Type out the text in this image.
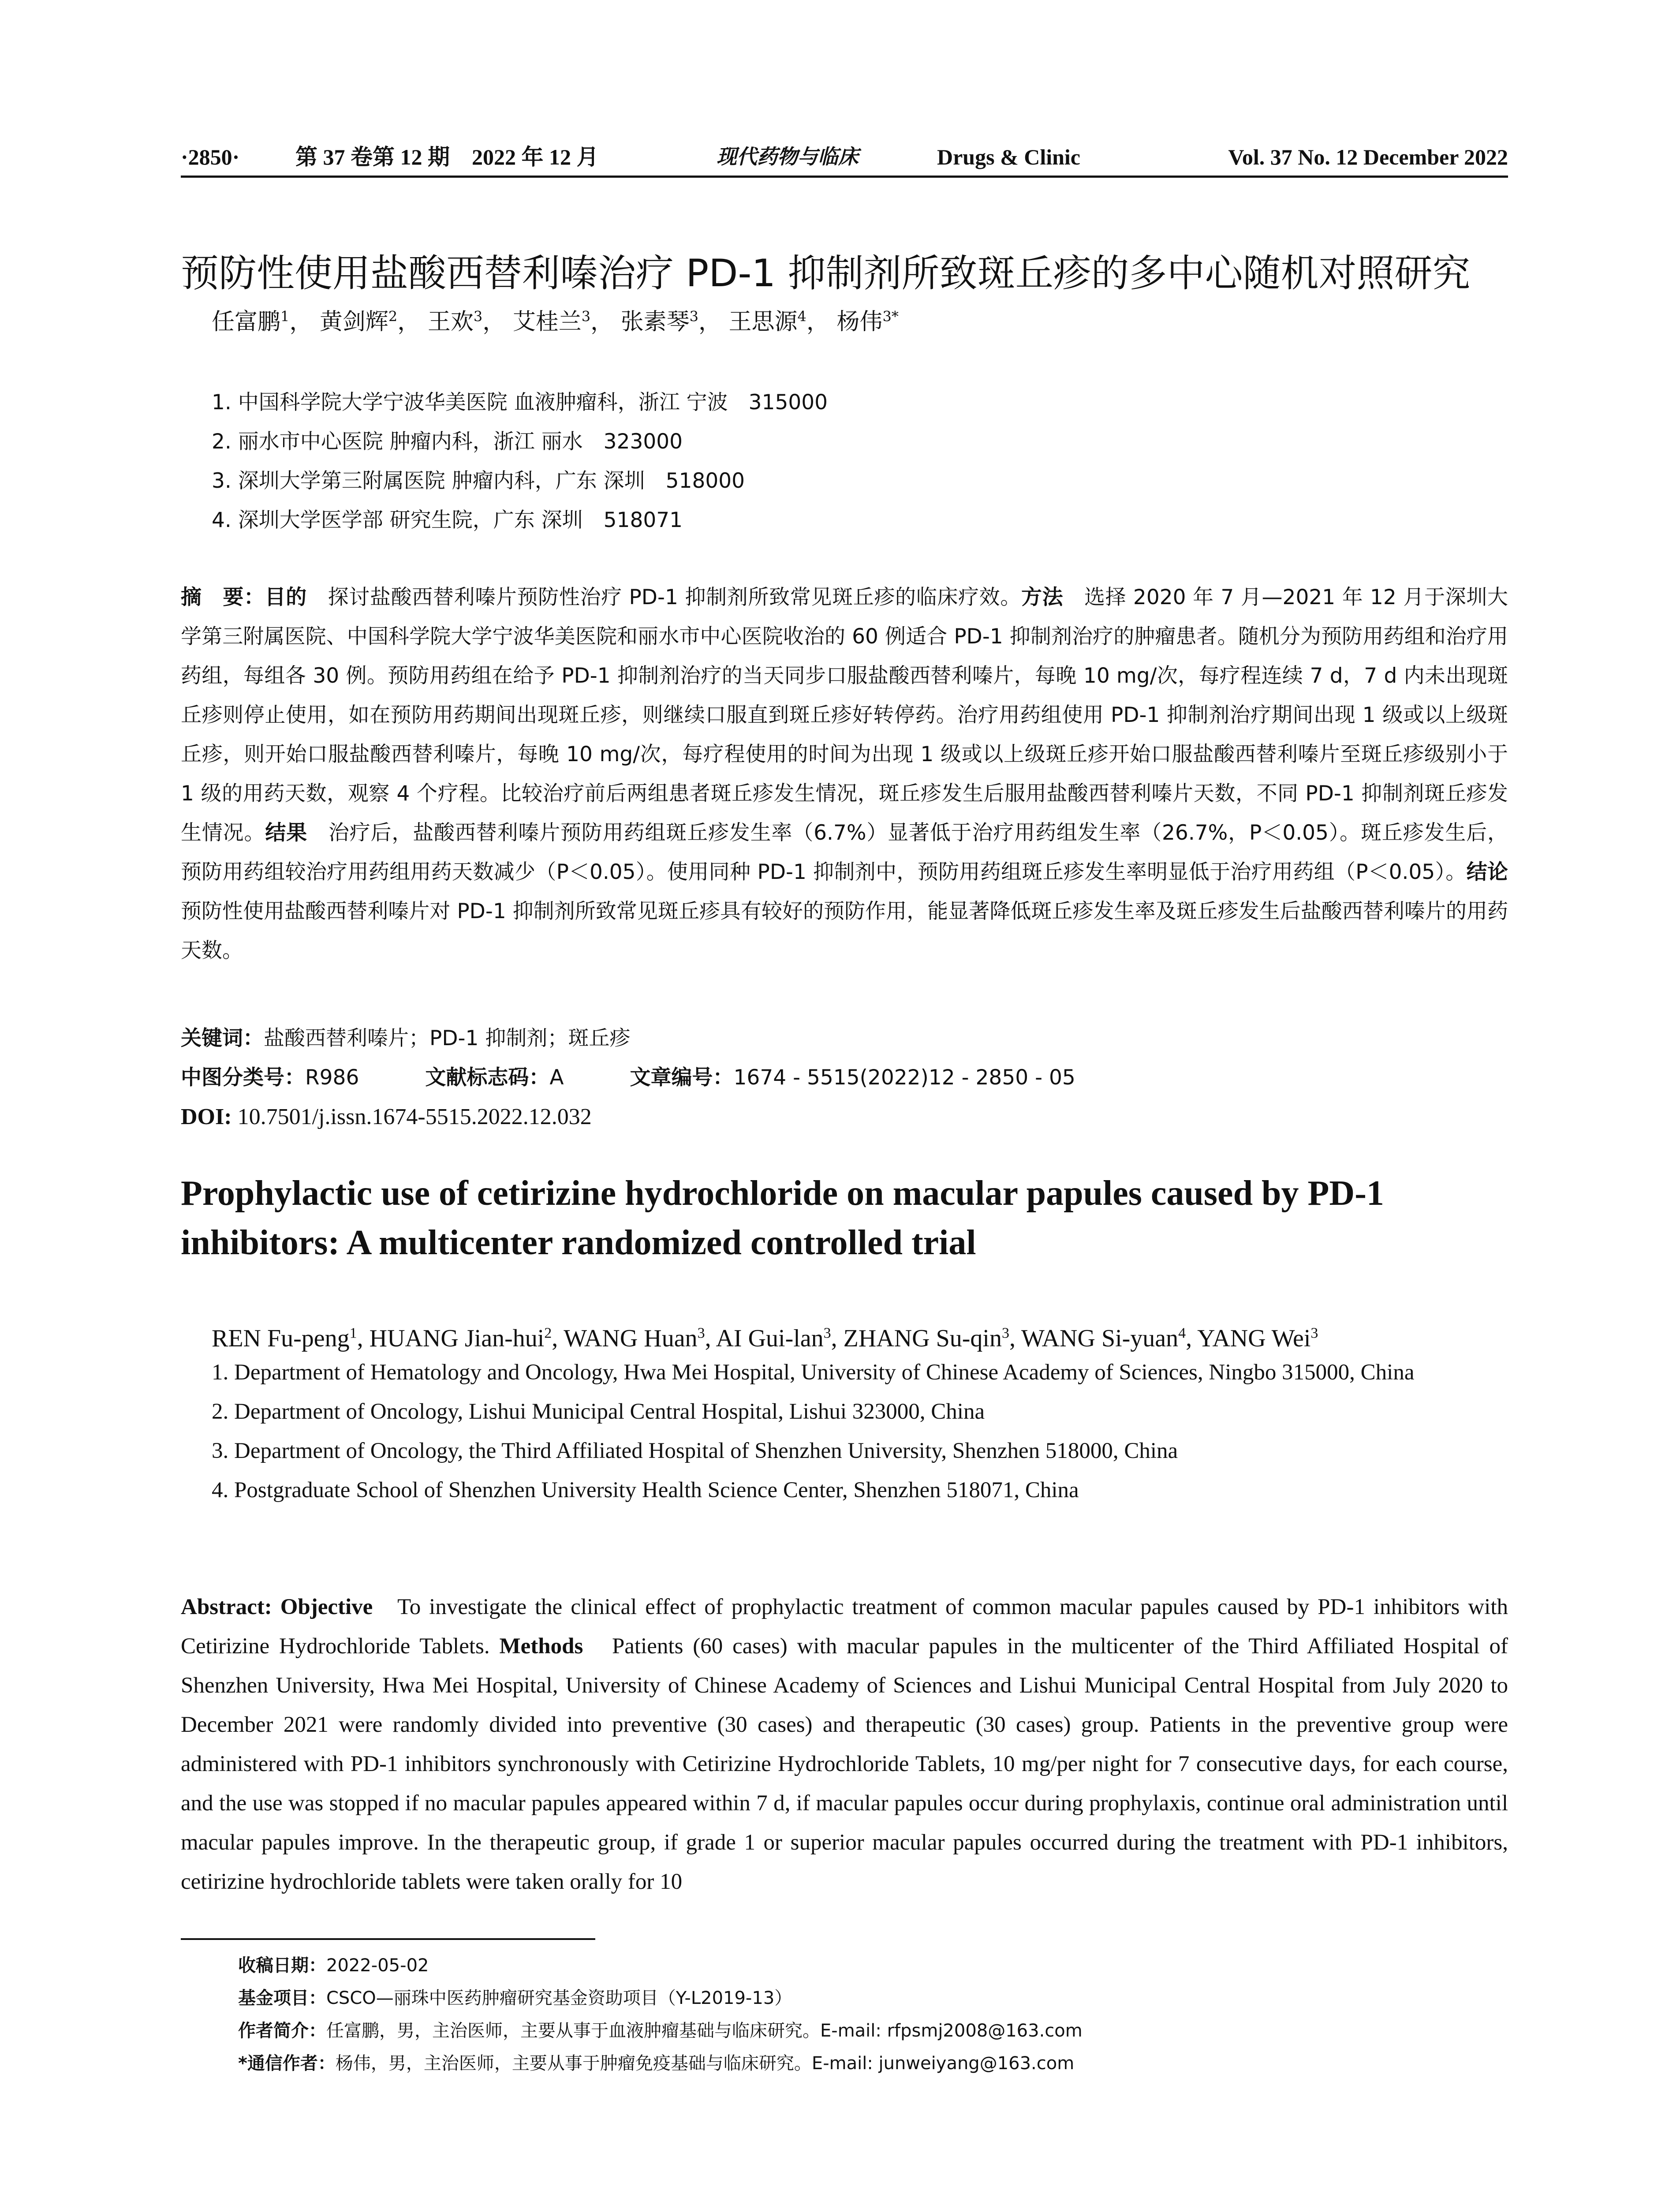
·2850·	第 37 卷第 12 期　2022 年 12 月	现代药物与临床	Drugs & Clinic	Vol. 37 No. 12 December 2022
预防性使用盐酸西替利嗪治疗 PD-1 抑制剂所致斑丘疹的多中心随机对照研究
任富鹏$^1$， 黄剑辉$^2$， 王欢$^3$， 艾桂兰$^3$， 张素琴$^3$， 王思源$^4$， 杨伟$^{3*}$
1. 中国科学院大学宁波华美医院 血液肿瘤科，浙江 宁波　315000
2. 丽水市中心医院 肿瘤内科，浙江 丽水　323000
3. 深圳大学第三附属医院 肿瘤内科，广东 深圳　518000
4. 深圳大学医学部 研究生院，广东 深圳　518071
摘　要：目的　 探讨盐酸西替利嗪片预防性治疗 PD-1 抑制剂所致常见斑丘疹的临床疗效。方法　 选择 2020 年 7 月—2021 年 12 月于深圳大学第三附属医院、中国科学院大学宁波华美医院和丽水市中心医院收治的 60 例适合 PD-1 抑制剂治疗的肿瘤患者。随机分为预防用药组和治疗用药组，每组各 30 例。预防用药组在给予 PD-1 抑制剂治疗的当天同步口服盐酸西替利嗪片，每晚 10 mg/次，每疗程连续 7 d，7 d 内未出现斑丘疹则停止使用，如在预防用药期间出现斑丘疹，则继续口服直到斑丘疹好转停药。治疗用药组使用 PD-1 抑制剂治疗期间出现 1 级或以上级斑丘疹，则开始口服盐酸西替利嗪片，每晚 10 mg/次，每疗程使用的时间为出现 1 级或以上级斑丘疹开始口服盐酸西替利嗪片至斑丘疹级别小于 1 级的用药天数，观察 4 个疗程。比较治疗前后两组患者斑丘疹发生情况，斑丘疹发生后服用盐酸西替利嗪片天数，不同 PD-1 抑制剂斑丘疹发生情况。结果　 治疗后，盐酸西替利嗪片预防用药组斑丘疹发生率（6.7%）显著低于治疗用药组发生率（26.7%，P＜0.05）。斑丘疹发生后，预防用药组较治疗用药组用药天数减少（P＜0.05）。使用同种 PD-1 抑制剂中，预防用药组斑丘疹发生率明显低于治疗用药组（P＜0.05）。结论　预防性使用盐酸西替利嗪片对 PD-1 抑制剂所致常见斑丘疹具有较好的预防作用，能显著降低斑丘疹发生率及斑丘疹发生后盐酸西替利嗪片的用药天数。
关键词：盐酸西替利嗪片；PD-1 抑制剂；斑丘疹
中图分类号：R986	文献标志码：A	文章编号：1674 - 5515(2022)12 - 2850 - 05
DOI: 10.7501/j.issn.1674-5515.2022.12.032
Prophylactic use of cetirizine hydrochloride on macular papules caused by PD-1 inhibitors: A multicenter randomized controlled trial
REN Fu-peng$^1$, HUANG Jian-hui$^2$, WANG Huan$^3$, AI Gui-lan$^3$, ZHANG Su-qin$^3$, WANG Si-yuan$^4$, YANG Wei$^3$
1. Department of Hematology and Oncology, Hwa Mei Hospital, University of Chinese Academy of Sciences, Ningbo 315000, China
2. Department of Oncology, Lishui Municipal Central Hospital, Lishui 323000, China
3. Department of Oncology, the Third Affiliated Hospital of Shenzhen University, Shenzhen 518000, China
4. Postgraduate School of Shenzhen University Health Science Center, Shenzhen 518071, China
Abstract: Objective To investigate the clinical effect of prophylactic treatment of common macular papules caused by PD-1 inhibitors with Cetirizine Hydrochloride Tablets. Methods Patients (60 cases) with macular papules in the multicenter of the Third Affiliated Hospital of Shenzhen University, Hwa Mei Hospital, University of Chinese Academy of Sciences and Lishui Municipal Central Hospital from July 2020 to December 2021 were randomly divided into preventive (30 cases) and therapeutic (30 cases) group. Patients in the preventive group were administered with PD-1 inhibitors synchronously with Cetirizine Hydrochloride Tablets, 10 mg/per night for 7 consecutive days, for each course, and the use was stopped if no macular papules appeared within 7 d, if macular papules occur during prophylaxis, continue oral administration until macular papules improve. In the therapeutic group, if grade 1 or superior macular papules occurred during the treatment with PD-1 inhibitors, cetirizine hydrochloride tablets were taken orally for 10
收稿日期：2022-05-02
基金项目：CSCO—丽珠中医药肿瘤研究基金资助项目（Y-L2019-13）
作者简介：任富鹏，男，主治医师，主要从事于血液肿瘤基础与临床研究。E-mail: rfpsmj2008@163.com
*通信作者：杨伟，男，主治医师，主要从事于肿瘤免疫基础与临床研究。E-mail: junweiyang@163.com
